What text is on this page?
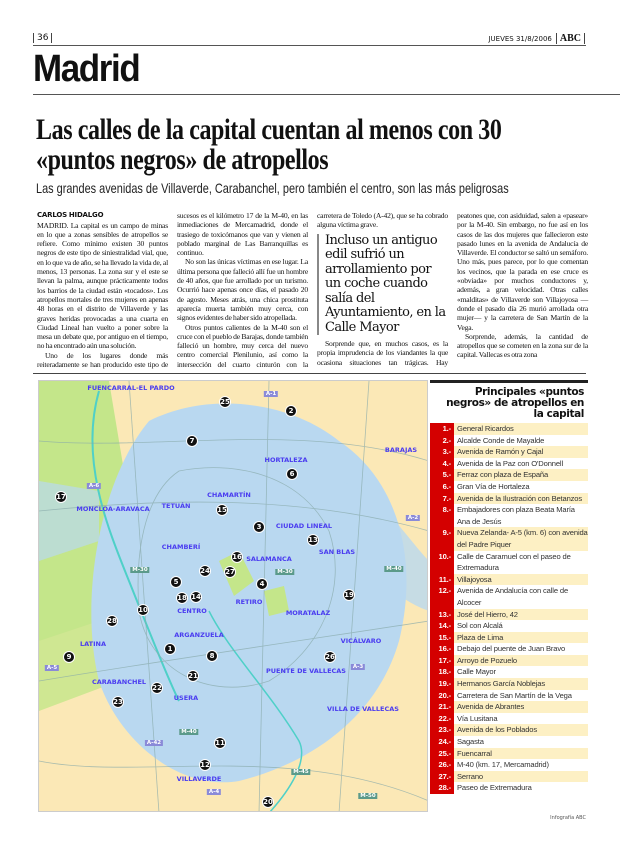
36	JUEVES 31/8/2006 ABC
Madrid
Las calles de la capital cuentan al menos con 30 «puntos negros» de atropellos
Las grandes avenidas de Villaverde, Carabanchel, pero también el centro, son las más peligrosas
CARLOS HIDALGO

MADRID. La capital es un campo de minas en lo que a zonas sensibles de atropellos se refiere. Como mínimo existen 30 puntos negros de este tipo de siniestralidad vial, que, en lo que va de año, se ha llevado la vida de, al menos, 13 personas. La zona sur y el este se llevan la palma, aunque prácticamente todos los barrios de la ciudad están «tocados». Los atropellos mortales de tres mujeres en apenas 48 horas en el distrito de Villaverde y las graves heridas provocadas a una cuarta en Ciudad Lineal han vuelto a poner sobre la mesa un debate que, por antiguo en el tiempo, no ha encontrado aún una solución.

Uno de los lugares donde más reiteradamente se han producido este tipo de sucesos es el kilómetro 17 de la M-40, en las inmediaciones de Mercamadrid, donde el trasiego de toxicómanos que van y vienen al poblado marginal de Las Barranquillas es continuo.

No son las únicas víctimas en ese lugar. La última persona que falleció allí fue un hombre de 40 años, que fue arrollado por un turismo. Ocurrió hace apenas once días, el pasado 20 de agosto. Meses atrás, una chica prostituta aparecía muerta también muy cerca, con signos evidentes de haber sido atropellada.

Otros puntos calientes de la M-40 son el cruce con el pueblo de Barajas, donde también falleció un hombre, muy cerca del nuevo centro comercial Plenilunio, así como la intersección del cuarto cinturón con la carretera de Toledo (A-42), que se ha cobrado alguna víctima grave.

Incluso un antiguo edil sufrió un arrollamiento por un coche cuando salía del Ayuntamiento, en la Calle Mayor

Sorprende que, en muchos casos, es la propia imprudencia de los viandantes la que ocasiona situaciones tan trágicas. Hay peatones que, con asiduidad, salen a «pasear» por la M-40. Sin embargo, no fue así en los casos de las dos mujeres que fallecieron este pasado lunes en la avenida de Andalucía de Villaverde. El conductor se saltó un semáforo. Uno más, pues parece, por lo que comentan los vecinos, que la parada en ese cruce es «obviada» por muchos conductores y, además, a gran velocidad. Otras calles «malditas» de Villaverde son Villajoyosa —donde el pasado día 26 murió arrollada otra mujer— y la carretera de San Martín de la Vega.

Sorprende, además, la cantidad de atropellos que se cometen en la zona sur de la capital. Vallecas es otra zona

FUENCARRAL-EL PARDO
BARAJAS
HORTALEZA
MONCLOA-ARAVACA TETUÁN
CHAMARTÍN
CIUDAD LINEAL
CHAMBERÍ
SALAMANCA
SAN BLAS
CENTRO
RETIRO
MORATALAZ
ARGANZUELA
VICÁLVARO
LATINA
PUENTE DE VALLECAS
CARABANCHEL
USERA
VILLA DE VALLECAS
VILLAVERDE
A-1
A-6
A-2
M-30	M-30	M-40
A-5	A-3
M-40
A-42
M-45
A-4
M-50
25
2
7
6
17
15
3
13
16
24 27
5	4
18 14	19
10
28
1
8
9
21
26
22
23
11
12
20
Principales «puntos negros» de atropellos en la capital
1.- General Ricardos
2.- Alcalde Conde de Mayalde
3.- Avenida de Ramón y Cajal
4.- Avenida de la Paz con O'Donnell
5.- Ferraz con plaza de España
6.- Gran Vía de Hortaleza
7.- Avenida de la Ilustración con Betanzos
8.- Embajadores con plaza Beata María Ana de Jesús
9.- Nueva Zelanda- A-5 (km. 6) con avenida del Padre Piquer
10.- Calle de Caramuel con el paseo de Extremadura
11.- Villajoyosa
12.- Avenida de Andalucía con calle de Alcocer
13.- José del Hierro, 42
14.- Sol con Alcalá
15.- Plaza de Lima
16.- Debajo del puente de Juan Bravo
17.- Arroyo de Pozuelo
18.- Calle Mayor
19.- Hermanos García Noblejas
20.- Carretera de San Martín de la Vega
21.- Avenida de Abrantes
22.- Vía Lusitana
23.- Avenida de los Poblados
24.- Sagasta
25.- Fuencarral
26.- M-40 (km. 17, Mercamadrid)
27.- Serrano
28.- Paseo de Extremadura
Infografía ABC
